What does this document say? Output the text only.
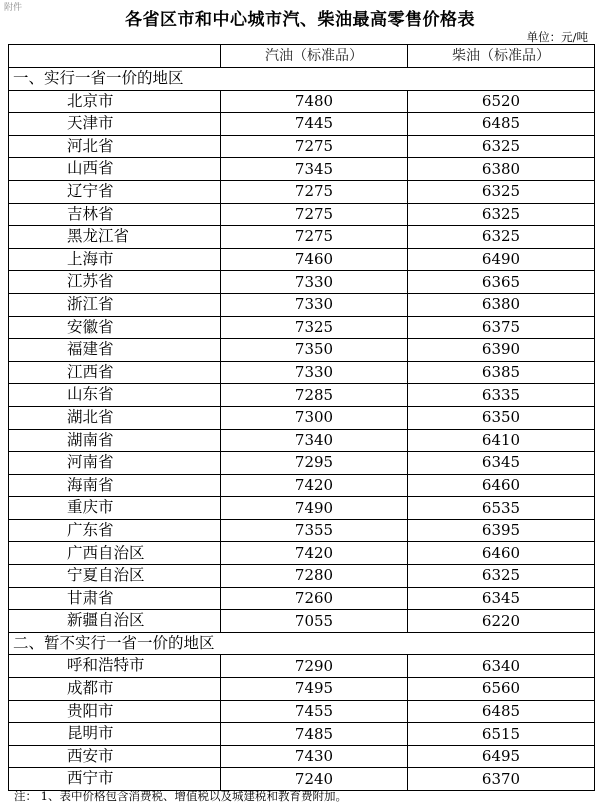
附件
各省区市和中心城市汽、柴油最高零售价格表
单位：元/吨
	汽油（标准品）	柴油（标准品）
一、实行一省一价的地区		
北京市	7480	6520
天津市	7445	6485
河北省	7275	6325
山西省	7345	6380
辽宁省	7275	6325
吉林省	7275	6325
黑龙江省	7275	6325
上海市	7460	6490
江苏省	7330	6365
浙江省	7330	6380
安徽省	7325	6375
福建省	7350	6390
江西省	7330	6385
山东省	7285	6335
湖北省	7300	6350
湖南省	7340	6410
河南省	7295	6345
海南省	7420	6460
重庆市	7490	6535
广东省	7355	6395
广西自治区	7420	6460
宁夏自治区	7280	6325
甘肃省	7260	6345
新疆自治区	7055	6220
二、暂不实行一省一价的地区		
呼和浩特市	7290	6340
成都市	7495	6560
贵阳市	7455	6485
昆明市	7485	6515
西安市	7430	6495
西宁市	7240	6370
注： 1、表中价格包含消费税、增值税以及城建税和教育费附加。
